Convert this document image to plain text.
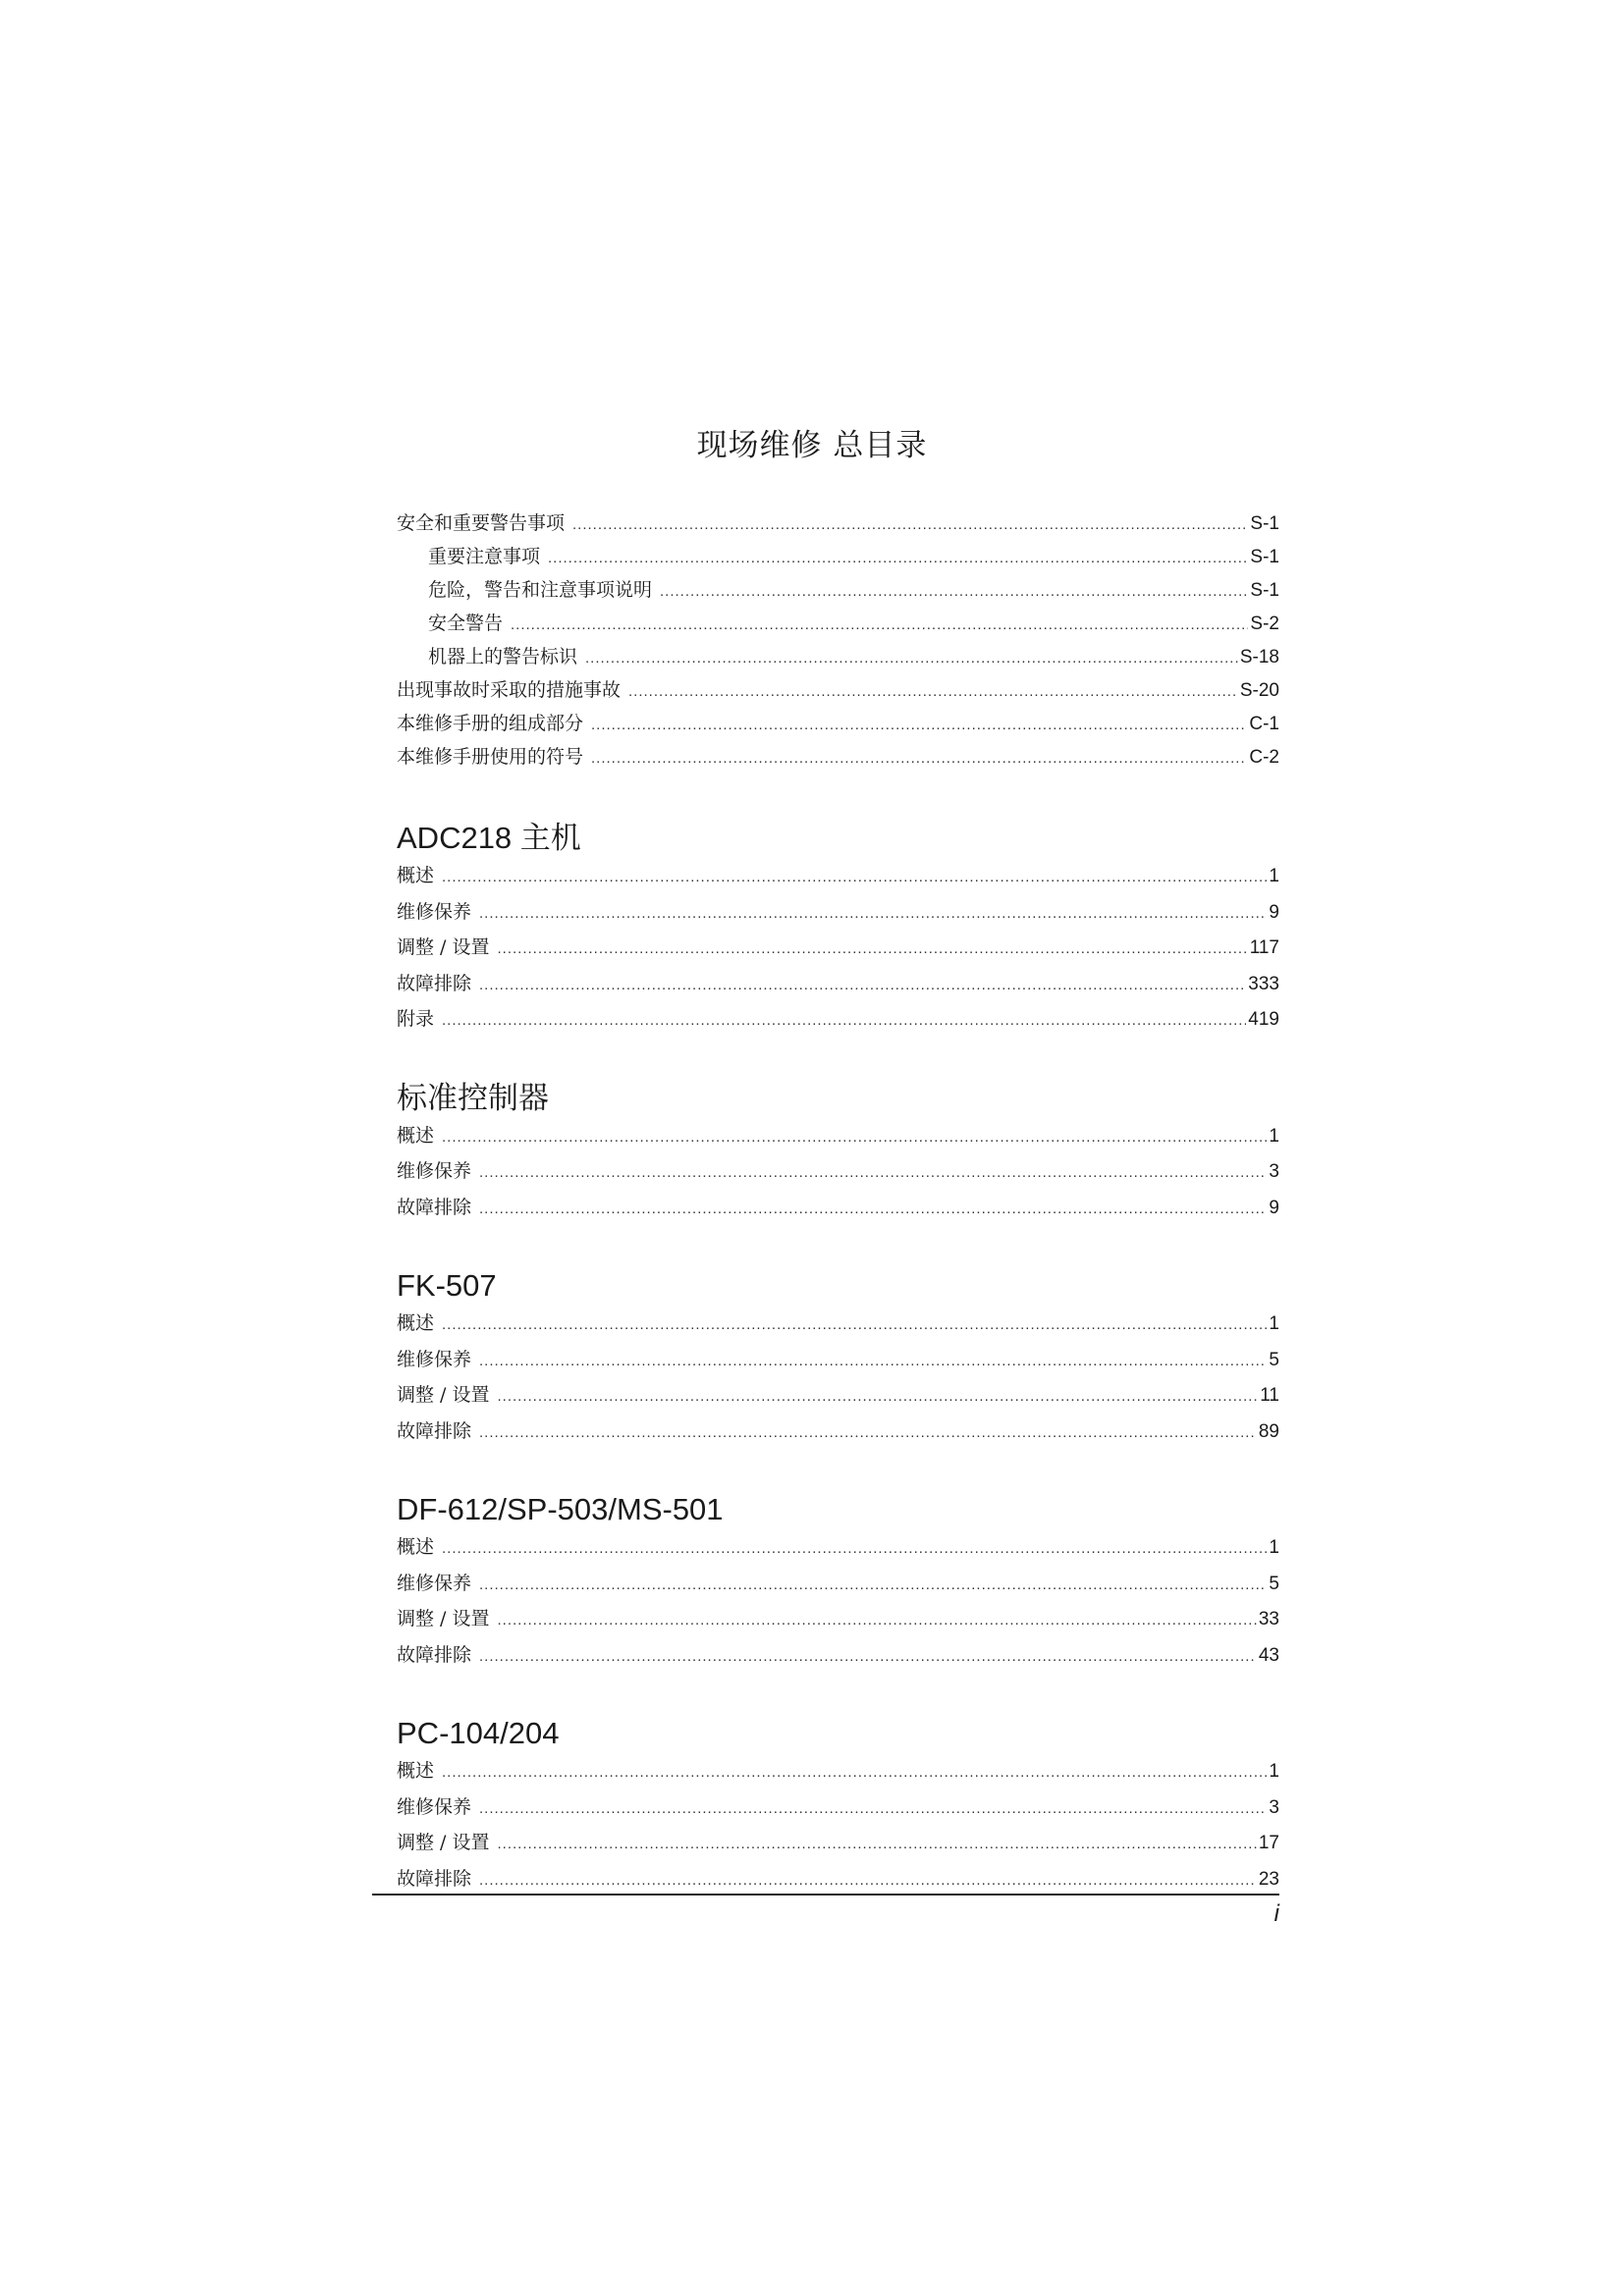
现场维修 总目录
安全和重要警告事项 .....	S-1
重要注意事项 .....	S-1
危险，警告和注意事项说明 .....	S-1
安全警告 .....	S-2
机器上的警告标识 .....	S-18
出现事故时采取的措施事故 .....	S-20
本维修手册的组成部分 .....	C-1
本维修手册使用的符号 .....	C-2
ADC218 主机
概述 .....	1
维修保养 .....	9
调整 / 设置 .....	117
故障排除 .....	333
附录 .....	419
标准控制器
概述 .....	1
维修保养 .....	3
故障排除 .....	9
FK-507
概述 .....	1
维修保养 .....	5
调整 / 设置 .....	11
故障排除 .....	89
DF-612/SP-503/MS-501
概述 .....	1
维修保养 .....	5
调整 / 设置 .....	33
故障排除 .....	43
PC-104/204
概述 .....	1
维修保养 .....	3
调整 / 设置 .....	17
故障排除 .....	23
i
